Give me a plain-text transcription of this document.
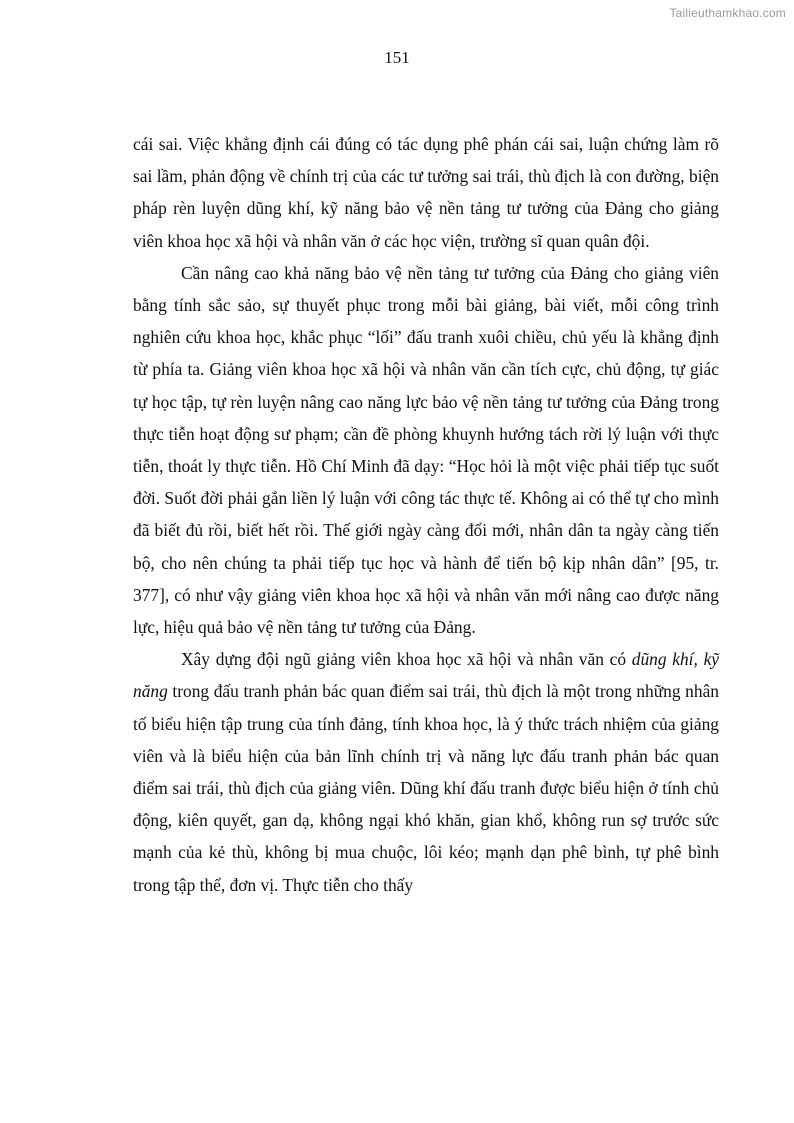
Tailieuthamkhao.com
151

cái sai. Việc khẳng định cái đúng có tác dụng phê phán cái sai, luận chứng làm rõ sai lầm, phản động về chính trị của các tư tưởng sai trái, thù địch là con đường, biện pháp rèn luyện dũng khí, kỹ năng bảo vệ nền tảng tư tưởng của Đảng cho giảng viên khoa học xã hội và nhân văn ở các học viện, trường sĩ quan quân đội.

Cần nâng cao khả năng bảo vệ nền tảng tư tưởng của Đảng cho giảng viên bằng tính sắc sảo, sự thuyết phục trong mỗi bài giảng, bài viết, mỗi công trình nghiên cứu khoa học, khắc phục “lối” đấu tranh xuôi chiều, chủ yếu là khẳng định từ phía ta. Giảng viên khoa học xã hội và nhân văn cần tích cực, chủ động, tự giác tự học tập, tự rèn luyện nâng cao năng lực bảo vệ nền tảng tư tưởng của Đảng trong thực tiễn hoạt động sư phạm; cần đề phòng khuynh hướng tách rời lý luận với thực tiễn, thoát ly thực tiễn. Hồ Chí Minh đã dạy: “Học hỏi là một việc phải tiếp tục suốt đời. Suốt đời phải gắn liền lý luận với công tác thực tế. Không ai có thể tự cho mình đã biết đủ rồi, biết hết rồi. Thế giới ngày càng đổi mới, nhân dân ta ngày càng tiến bộ, cho nên chúng ta phải tiếp tục học và hành để tiến bộ kịp nhân dân” [95, tr. 377], có như vậy giảng viên khoa học xã hội và nhân văn mới nâng cao được năng lực, hiệu quả bảo vệ nền tảng tư tưởng của Đảng.

Xây dựng đội ngũ giảng viên khoa học xã hội và nhân văn có dũng khí, kỹ năng trong đấu tranh phản bác quan điểm sai trái, thù địch là một trong những nhân tố biểu hiện tập trung của tính đảng, tính khoa học, là ý thức trách nhiệm của giảng viên và là biểu hiện của bản lĩnh chính trị và năng lực đấu tranh phản bác quan điểm sai trái, thù địch của giảng viên. Dũng khí đấu tranh được biểu hiện ở tính chủ động, kiên quyết, gan dạ, không ngại khó khăn, gian khổ, không run sợ trước sức mạnh của kẻ thù, không bị mua chuộc, lôi kéo; mạnh dạn phê bình, tự phê bình trong tập thể, đơn vị. Thực tiễn cho thấy
